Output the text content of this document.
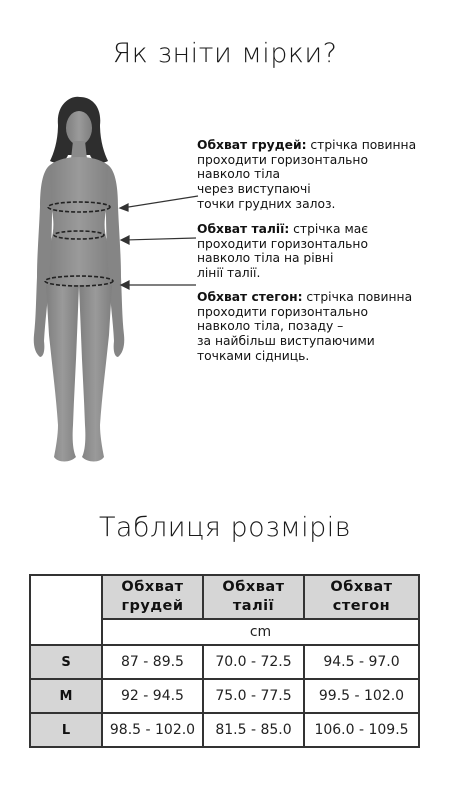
Як зніти мірки?
Обхват грудей: стрічка повинна
проходити горизонтально
навколо тіла
через виступаючі
точки грудних залоз.
Обхват талії: стрічка має
проходити горизонтально
навколо тіла на рівні
лінії талії.
Обхват стегон: стрічка повинна
проходити горизонтально
навколо тіла, позаду –
за найбільш виступаючими
точками сідниць.
Таблиця розмірів

	Обхват
грудей	Обхват
талії	Обхват
стегон

	cm		
S	87 - 89.5	70.0 - 72.5	94.5 - 97.0
M	92 - 94.5	75.0 - 77.5	99.5 - 102.0
L	98.5 - 102.0	81.5 - 85.0	106.0 - 109.5
